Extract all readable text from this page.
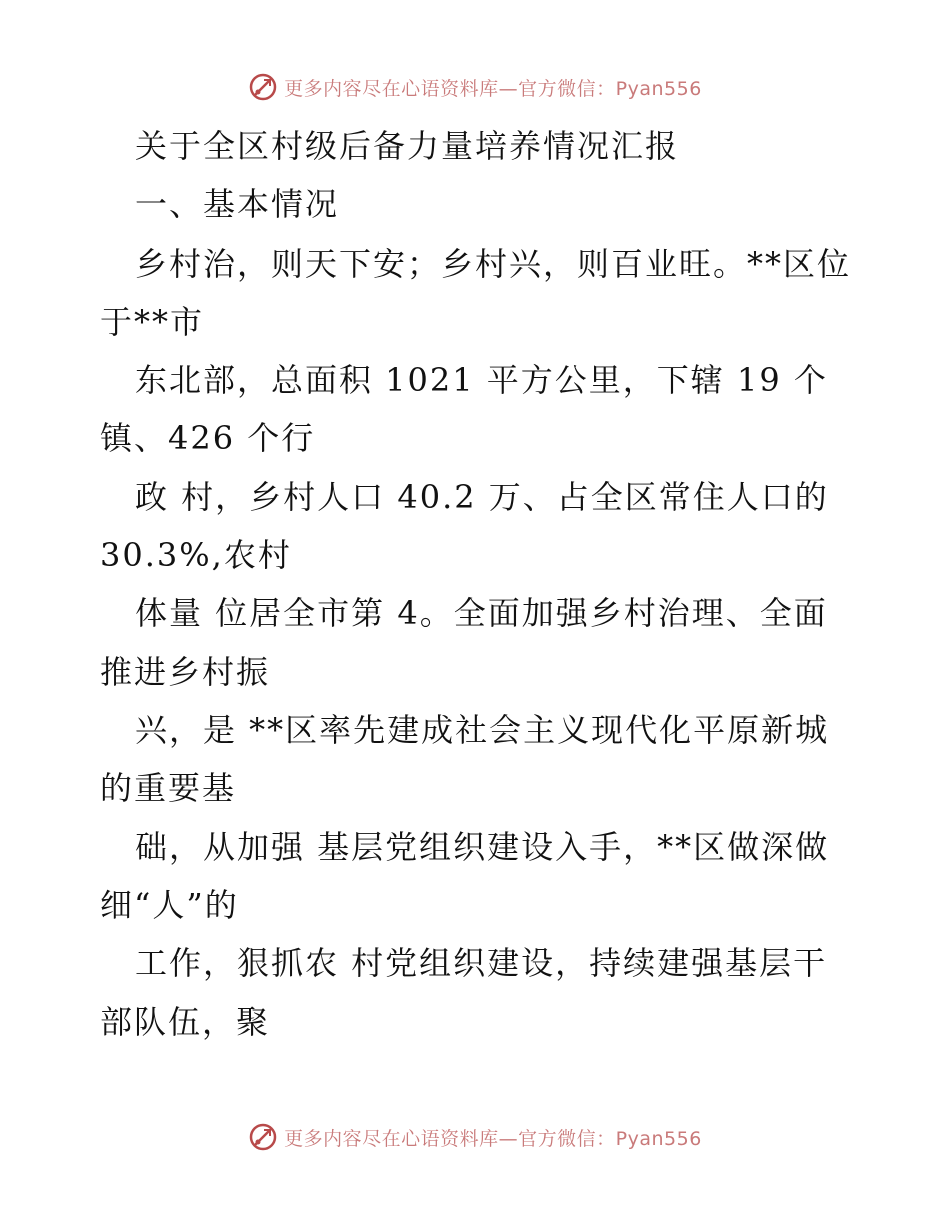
更多内容尽在心语资料库—官方微信：Pyan556
关于全区村级后备力量培养情况汇报
一、基本情况
乡村治，则天下安；乡村兴，则百业旺。**区位
于**市
东北部，总面积 1021 平方公里，下辖 19 个
镇、426 个行
政 村，乡村人口 40.2 万、占全区常住人口的
30.3%,农村
体量 位居全市第 4。全面加强乡村治理、全面
推进乡村振
兴，是 **区率先建成社会主义现代化平原新城
的重要基
础，从加强 基层党组织建设入手，**区做深做
细“人”的
工作，狠抓农 村党组织建设，持续建强基层干
部队伍，聚
更多内容尽在心语资料库—官方微信：Pyan556
